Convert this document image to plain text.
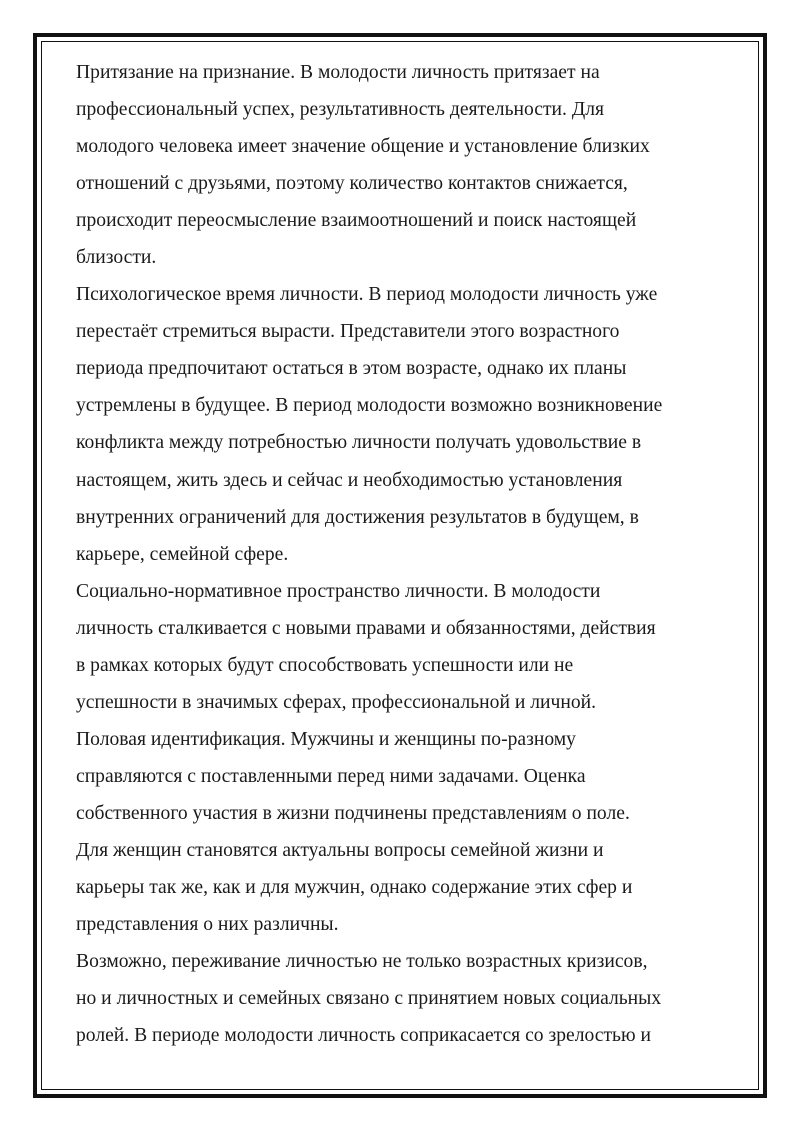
Притязание на признание. В молодости личность притязает на
профессиональный успех, результативность деятельности. Для
молодого человека имеет значение общение и установление близких
отношений с друзьями, поэтому количество контактов снижается,
происходит переосмысление взаимоотношений и поиск настоящей
близости.
Психологическое время личности. В период молодости личность уже
перестаёт стремиться вырасти. Представители этого возрастного
периода предпочитают остаться в этом возрасте, однако их планы
устремлены в будущее. В период молодости возможно возникновение
конфликта между потребностью личности получать удовольствие в
настоящем, жить здесь и сейчас и необходимостью установления
внутренних ограничений для достижения результатов в будущем, в
карьере, семейной сфере.
Социально-нормативное пространство личности. В молодости
личность сталкивается с новыми правами и обязанностями, действия
в рамках которых будут способствовать успешности или не
успешности в значимых сферах, профессиональной и личной.
Половая идентификация. Мужчины и женщины по-разному
справляются с поставленными перед ними задачами. Оценка
собственного участия в жизни подчинены представлениям о поле.
Для женщин становятся актуальны вопросы семейной жизни и
карьеры так же, как и для мужчин, однако содержание этих сфер и
представления о них различны.
Возможно, переживание личностью не только возрастных кризисов,
но и личностных и семейных связано с принятием новых социальных
ролей. В периоде молодости личность соприкасается со зрелостью и
